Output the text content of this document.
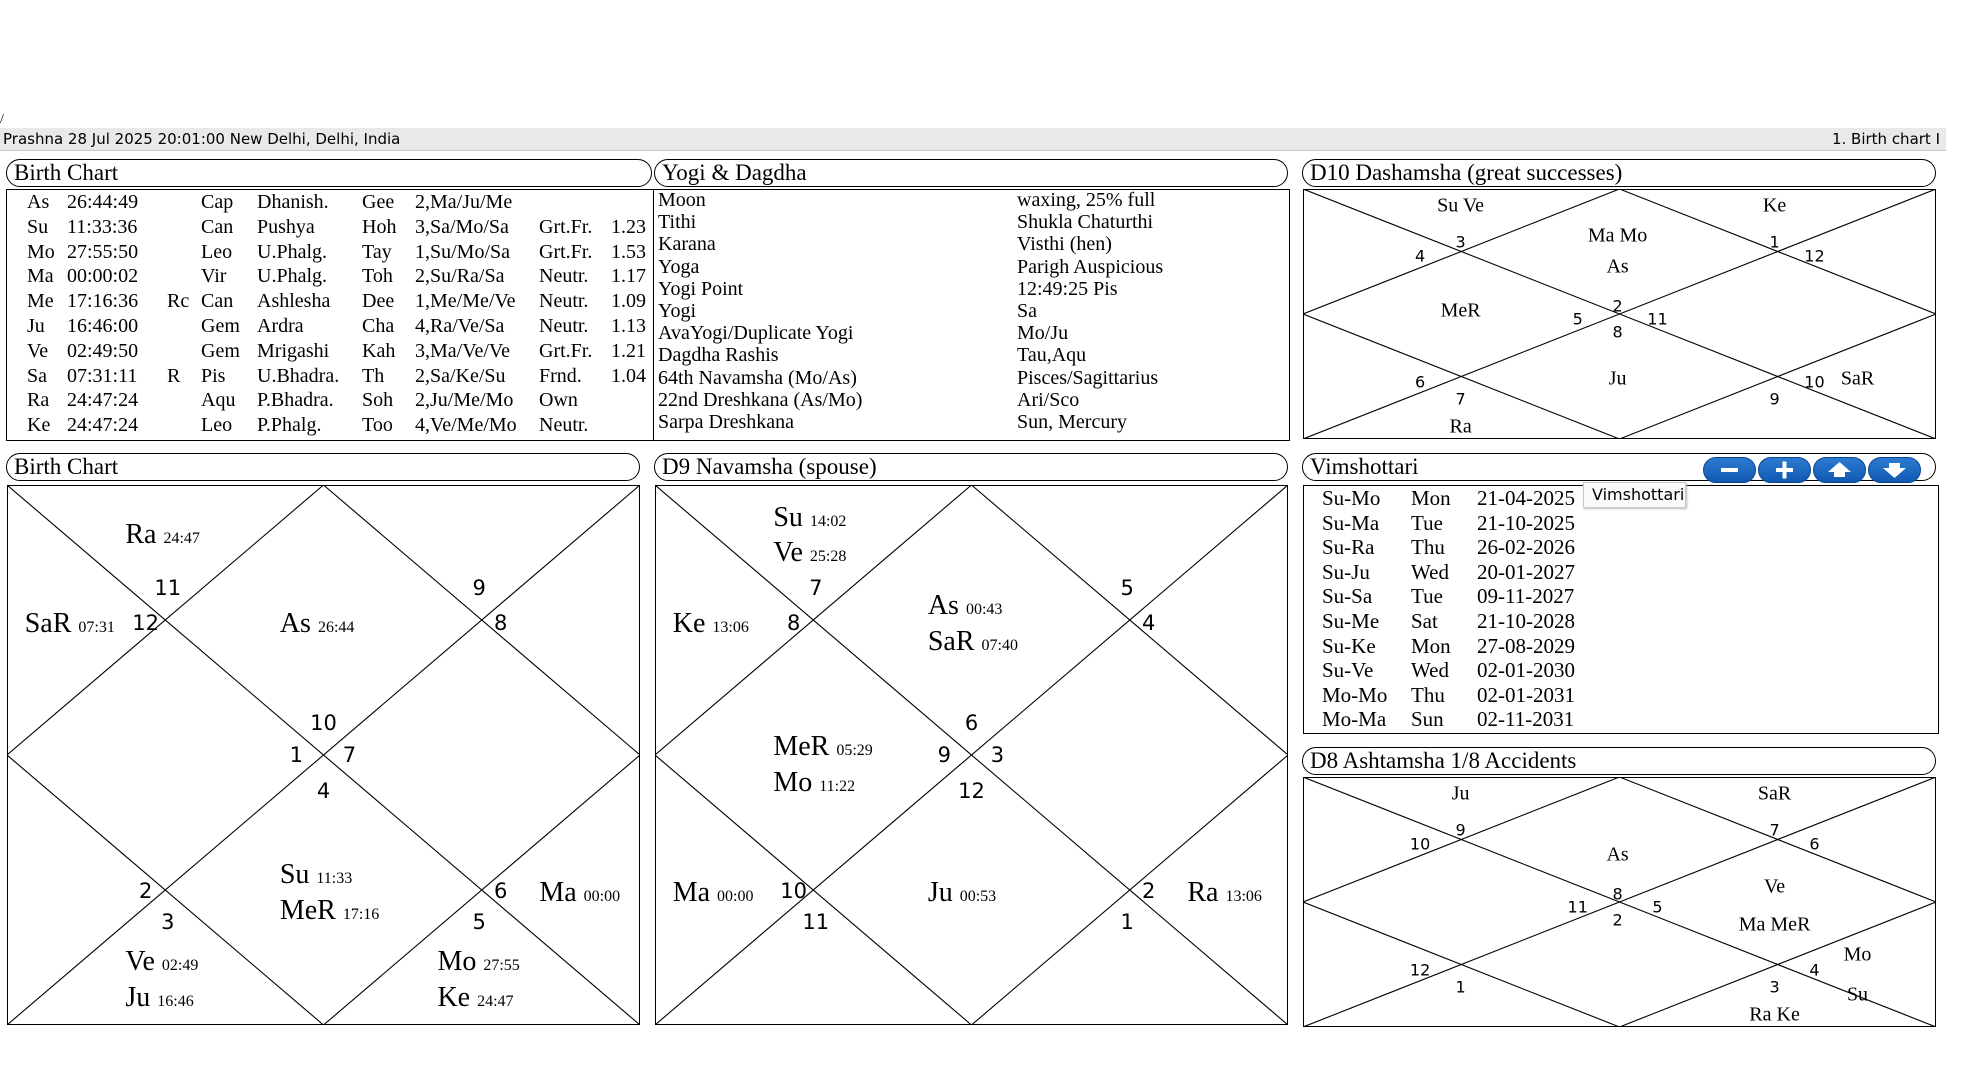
/
Prashna 28 Jul 2025 20:01:00 New Delhi, Delhi, India	1. Birth chart I
Birth Chart	Yogi & Dagdha	D10 Dashamsha (great successes)
As 26:44:49	Cap Dhanish. Gee 2,Ma/Ju/Me
Su 11:33:36	Can Pushya Hoh 3,Sa/Mo/Sa Grt.Fr. 1.23
Mo 27:55:50	Leo U.Phalg. Tay 1,Su/Mo/Sa Grt.Fr. 1.53
Ma 00:00:02	Vir U.Phalg. Toh 2,Su/Ra/Sa Neutr. 1.17
Me 17:16:36 Rc Can Ashlesha Dee 1,Me/Me/Ve Neutr. 1.09
Ju 16:46:00	Gem Ardra	Cha 4,Ra/Ve/Sa Neutr. 1.13
Ve 02:49:50	Gem Mrigashi Kah 3,Ma/Ve/Ve Grt.Fr. 1.21
Sa 07:31:11 R Pis U.Bhadra. Th 2,Sa/Ke/Su Frnd. 1.04
Ra 24:47:24	Aqu P.Bhadra. Soh 2,Ju/Me/Mo Own
Ke 24:47:24	Leo P.Phalg. Too 4,Ve/Me/Mo Neutr.
Moon	waxing, 25% full
Tithi	Shukla Chaturthi
Karana	Visthi (hen)
Yoga	Parigh Auspicious
Yogi Point	12:49:25 Pis
Yogi	Sa
AvaYogi/Duplicate Yogi	Mo/Ju
Dagdha Rashis	Tau,Aqu
64th Navamsha (Mo/As)	Pisces/Sagittarius
22nd Dreshkana (As/Mo)	Ari/Sco
Sarpa Dreshkana	Sun, Mercury
3
4
1
12
2
5	11
8
6
7
10
9
Su Ve	Ke
Ma Mo
As
MeR
Ju	SaR
Ra
Birth Chart	D9 Navamsha (spouse)	Vimshottari
11
12
9
8
10
1 7
4
2
3
6
5
Ra 24:47
SaR 07:31	As 26:44
Su 11:33
MeR 17:16
Ma 00:00
Ve 02:49
Ju 16:46
Mo 27:55
Ke 24:47
7
8
5
4
6
9 3
12
10
11
2
1
Su 14:02
Ve 25:28
Ke 13:06
As 00:43
SaR 07:40
MeR 05:29
Mo 11:22
Ma 00:00	Ju 00:53	Ra 13:06
Su-Mo Mon 21-04-2025
Su-Ma Tue 21-10-2025
Su-Ra Thu 26-02-2026
Su-Ju Wed 20-01-2027
Su-Sa Tue 09-11-2027
Su-Me Sat 21-10-2028
Su-Ke Mon 27-08-2029
Su-Ve Wed 02-01-2030
Mo-Mo Thu 02-01-2031
Mo-Ma Sun 02-11-2031
Vimshottari
D8 Ashtamsha 1/8 Accidents
9
10
7
6
8
11	5
2
12
1
4
3
Ju	SaR
As
Ve
Ma MeR
Mo
Su
Ra Ke
